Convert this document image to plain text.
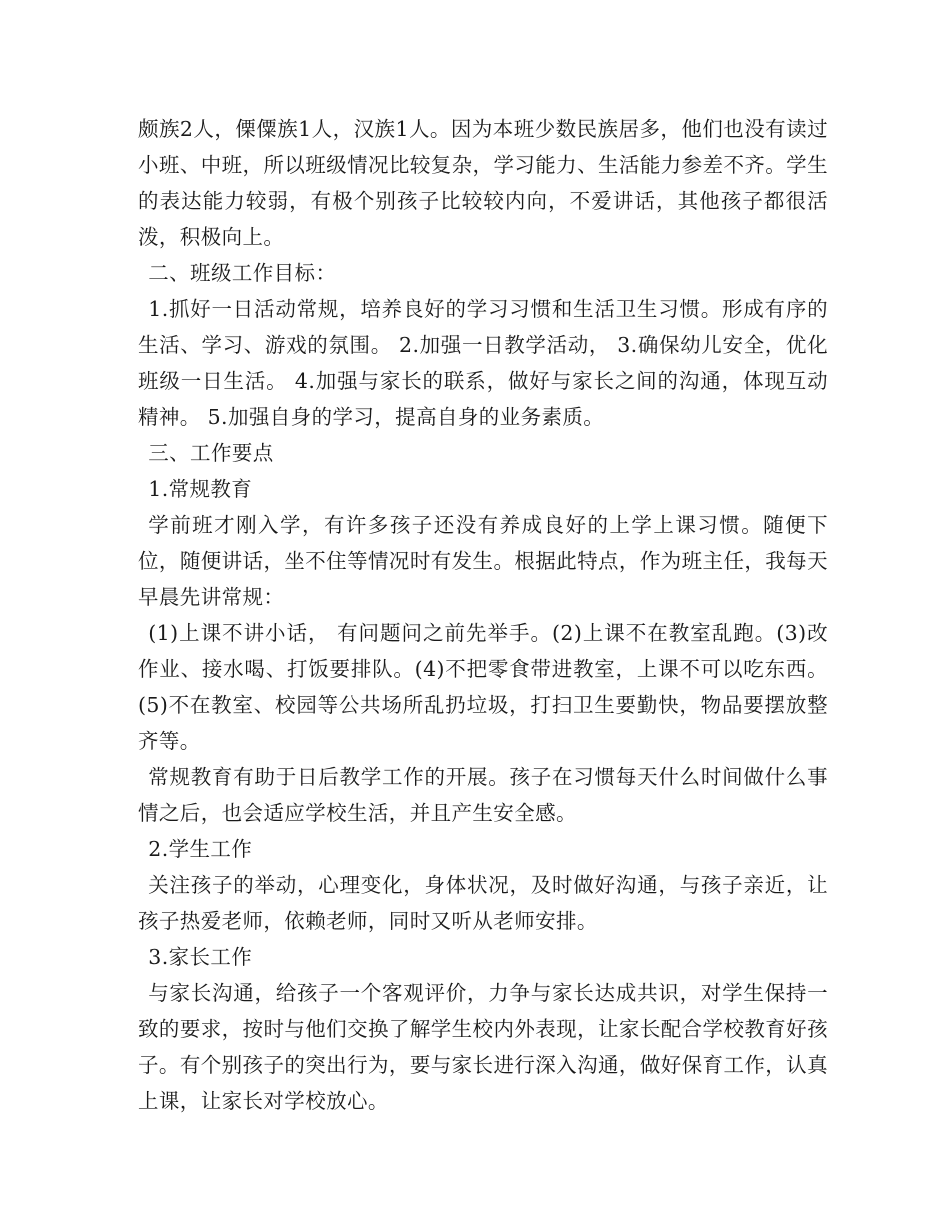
颇族2人，傈僳族1人，汉族1人。因为本班少数民族居多，他们也没有读过小班、中班，所以班级情况比较复杂，学习能力、生活能力参差不齐。学生的表达能力较弱，有极个别孩子比较较内向，不爱讲话，其他孩子都很活泼，积极向上。

二、班级工作目标：

1.抓好一日活动常规，培养良好的学习习惯和生活卫生习惯。形成有序的生活、学习、游戏的氛围。 2.加强一日教学活动， 3.确保幼儿安全，优化班级一日生活。 4.加强与家长的联系，做好与家长之间的沟通，体现互动精神。 5.加强自身的学习，提高自身的业务素质。

三、工作要点

1.常规教育

学前班才刚入学，有许多孩子还没有养成良好的上学上课习惯。随便下位，随便讲话，坐不住等情况时有发生。根据此特点，作为班主任，我每天早晨先讲常规：

(1)上课不讲小话， 有问题问之前先举手。(2)上课不在教室乱跑。(3)改作业、接水喝、打饭要排队。(4)不把零食带进教室，上课不可以吃东西。(5)不在教室、校园等公共场所乱扔垃圾，打扫卫生要勤快，物品要摆放整齐等。

常规教育有助于日后教学工作的开展。孩子在习惯每天什么时间做什么事情之后，也会适应学校生活，并且产生安全感。

2.学生工作

关注孩子的举动，心理变化，身体状况，及时做好沟通，与孩子亲近，让孩子热爱老师，依赖老师，同时又听从老师安排。

3.家长工作

与家长沟通，给孩子一个客观评价，力争与家长达成共识，对学生保持一致的要求，按时与他们交换了解学生校内外表现，让家长配合学校教育好孩子。有个别孩子的突出行为，要与家长进行深入沟通，做好保育工作，认真上课，让家长对学校放心。
